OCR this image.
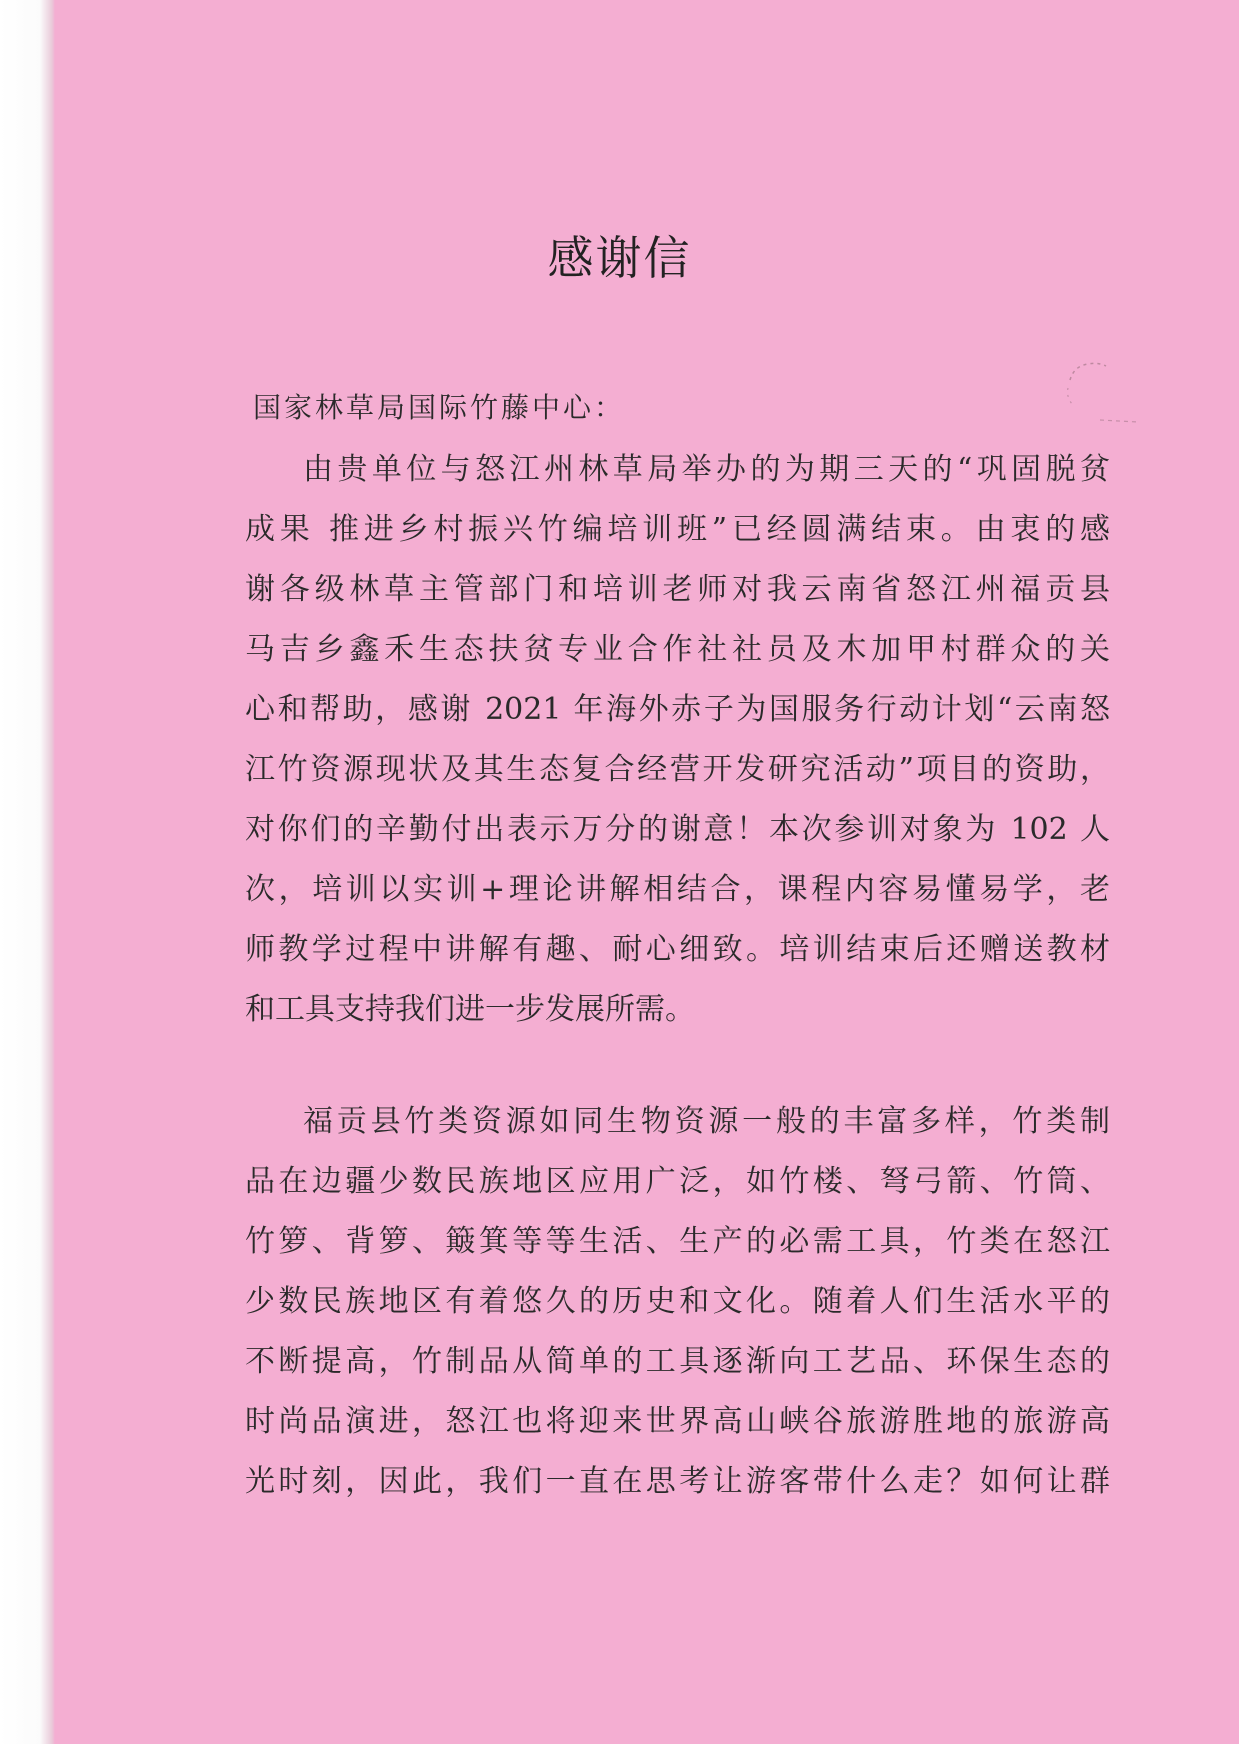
感谢信

国家林草局国际竹藤中心：

由贵单位与怒江州林草局举办的为期三天的“巩固脱贫
成果 推进乡村振兴竹编培训班”已经圆满结束。由衷的感
谢各级林草主管部门和培训老师对我云南省怒江州福贡县
马吉乡鑫禾生态扶贫专业合作社社员及木加甲村群众的关
心和帮助，感谢 2021 年海外赤子为国服务行动计划“云南怒
江竹资源现状及其生态复合经营开发研究活动”项目的资助，
对你们的辛勤付出表示万分的谢意！本次参训对象为 102 人
次，培训以实训+理论讲解相结合，课程内容易懂易学，老
师教学过程中讲解有趣、耐心细致。培训结束后还赠送教材
和工具支持我们进一步发展所需。
福贡县竹类资源如同生物资源一般的丰富多样，竹类制
品在边疆少数民族地区应用广泛，如竹楼、弩弓箭、竹筒、
竹箩、背箩、簸箕等等生活、生产的必需工具，竹类在怒江
少数民族地区有着悠久的历史和文化。随着人们生活水平的
不断提高，竹制品从简单的工具逐渐向工艺品、环保生态的
时尚品演进，怒江也将迎来世界高山峡谷旅游胜地的旅游高
光时刻，因此，我们一直在思考让游客带什么走？如何让群
